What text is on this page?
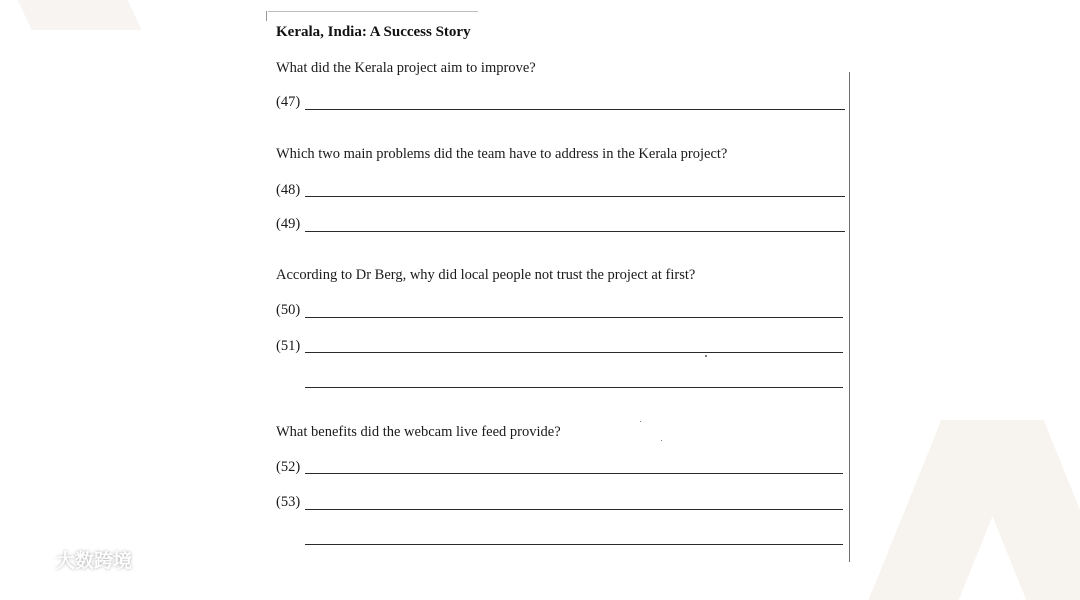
Kerala, India: A Success Story
What did the Kerala project aim to improve?
(47)
Which two main problems did the team have to address in the Kerala project?
(48)
(49)
According to Dr Berg, why did local people not trust the project at first?
(50)
(51)
What benefits did the webcam live feed provide?
(52)
(53)
大数跨境
